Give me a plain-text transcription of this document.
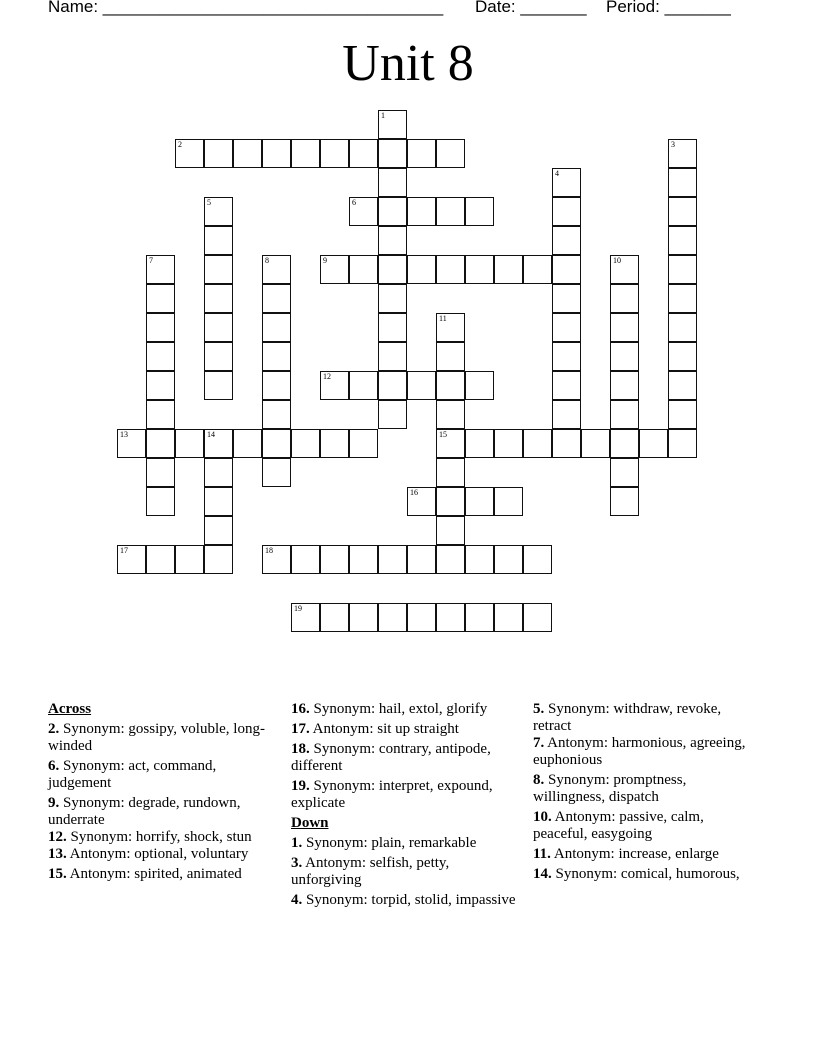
Name: ____________________________________ Date: _______ Period: _______
Unit 8
1
2	3
4
5	6
7	8	9	10
11
15
12
13	14
16
17	18
19
Across
2. Synonym: gossipy, voluble, long-winded
6. Synonym: act, command, judgement
9. Synonym: degrade, rundown, underrate
12. Synonym: horrify, shock, stun
13. Antonym: optional, voluntary
15. Antonym: spirited, animated
16. Synonym: hail, extol, glorify
17. Antonym: sit up straight
18. Synonym: contrary, antipode, different
19. Synonym: interpret, expound, explicate
Down
1. Synonym: plain, remarkable
3. Antonym: selfish, petty, unforgiving
4. Synonym: torpid, stolid, impassive
5. Synonym: withdraw, revoke, retract
7. Antonym: harmonious, agreeing, euphonious
8. Synonym: promptness, willingness, dispatch
10. Antonym: passive, calm, peaceful, easygoing
11. Antonym: increase, enlarge
14. Synonym: comical, humorous,
